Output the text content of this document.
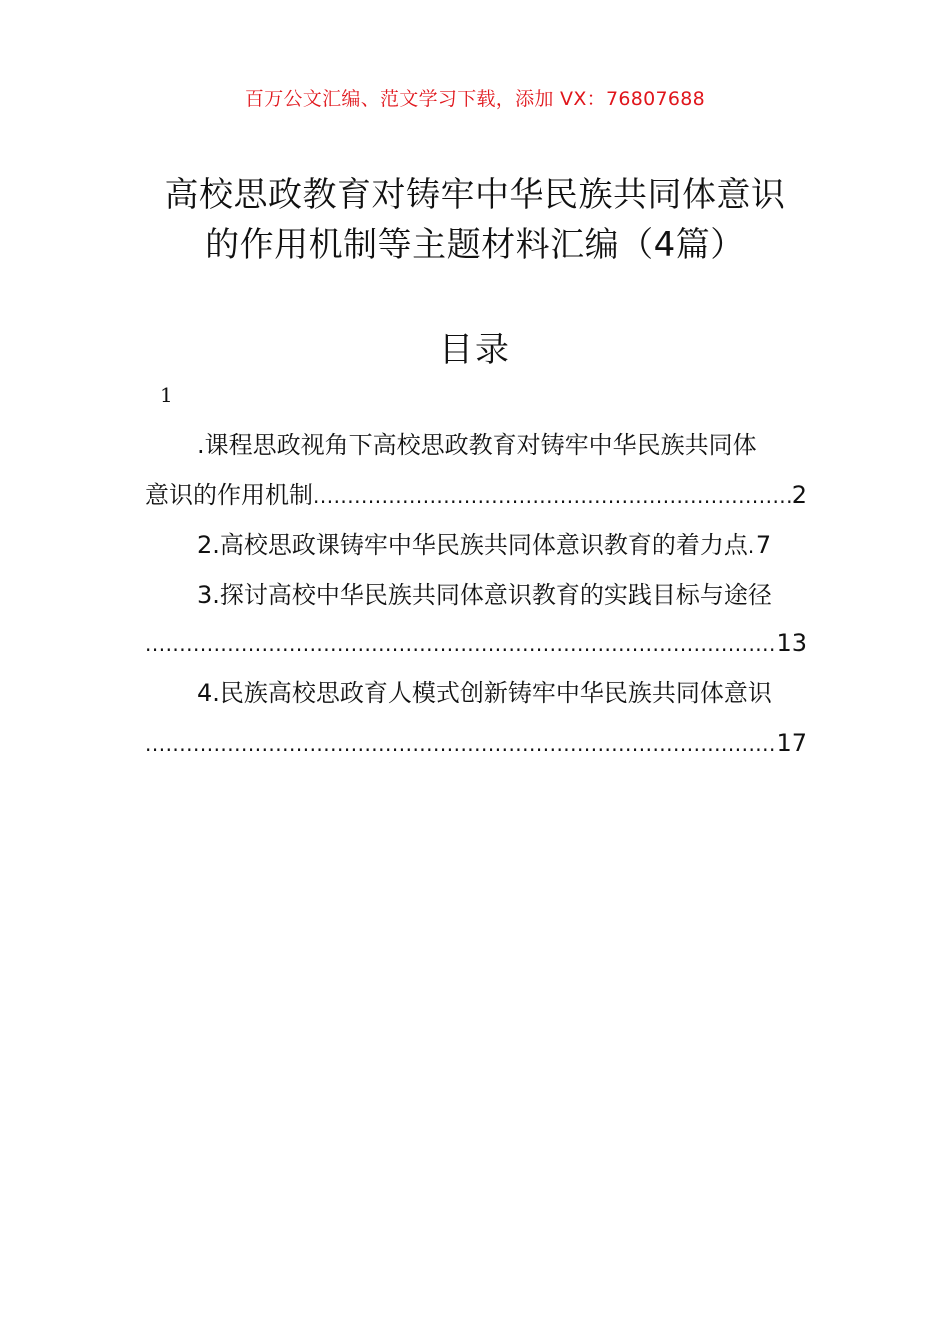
百万公文汇编、范文学习下载，添加 VX：76807688
高校思政教育对铸牢中华民族共同体意识
的作用机制等主题材料汇编（4篇）
目录
1
.课程思政视角下高校思政教育对铸牢中华民族共同体
意识的作用机制 .....	2
2.高校思政课铸牢中华民族共同体意识教育的着力点 ..... 7
3.探讨高校中华民族共同体意识教育的实践目标与途径
.....
13
4.民族高校思政育人模式创新铸牢中华民族共同体意识
.....
17
